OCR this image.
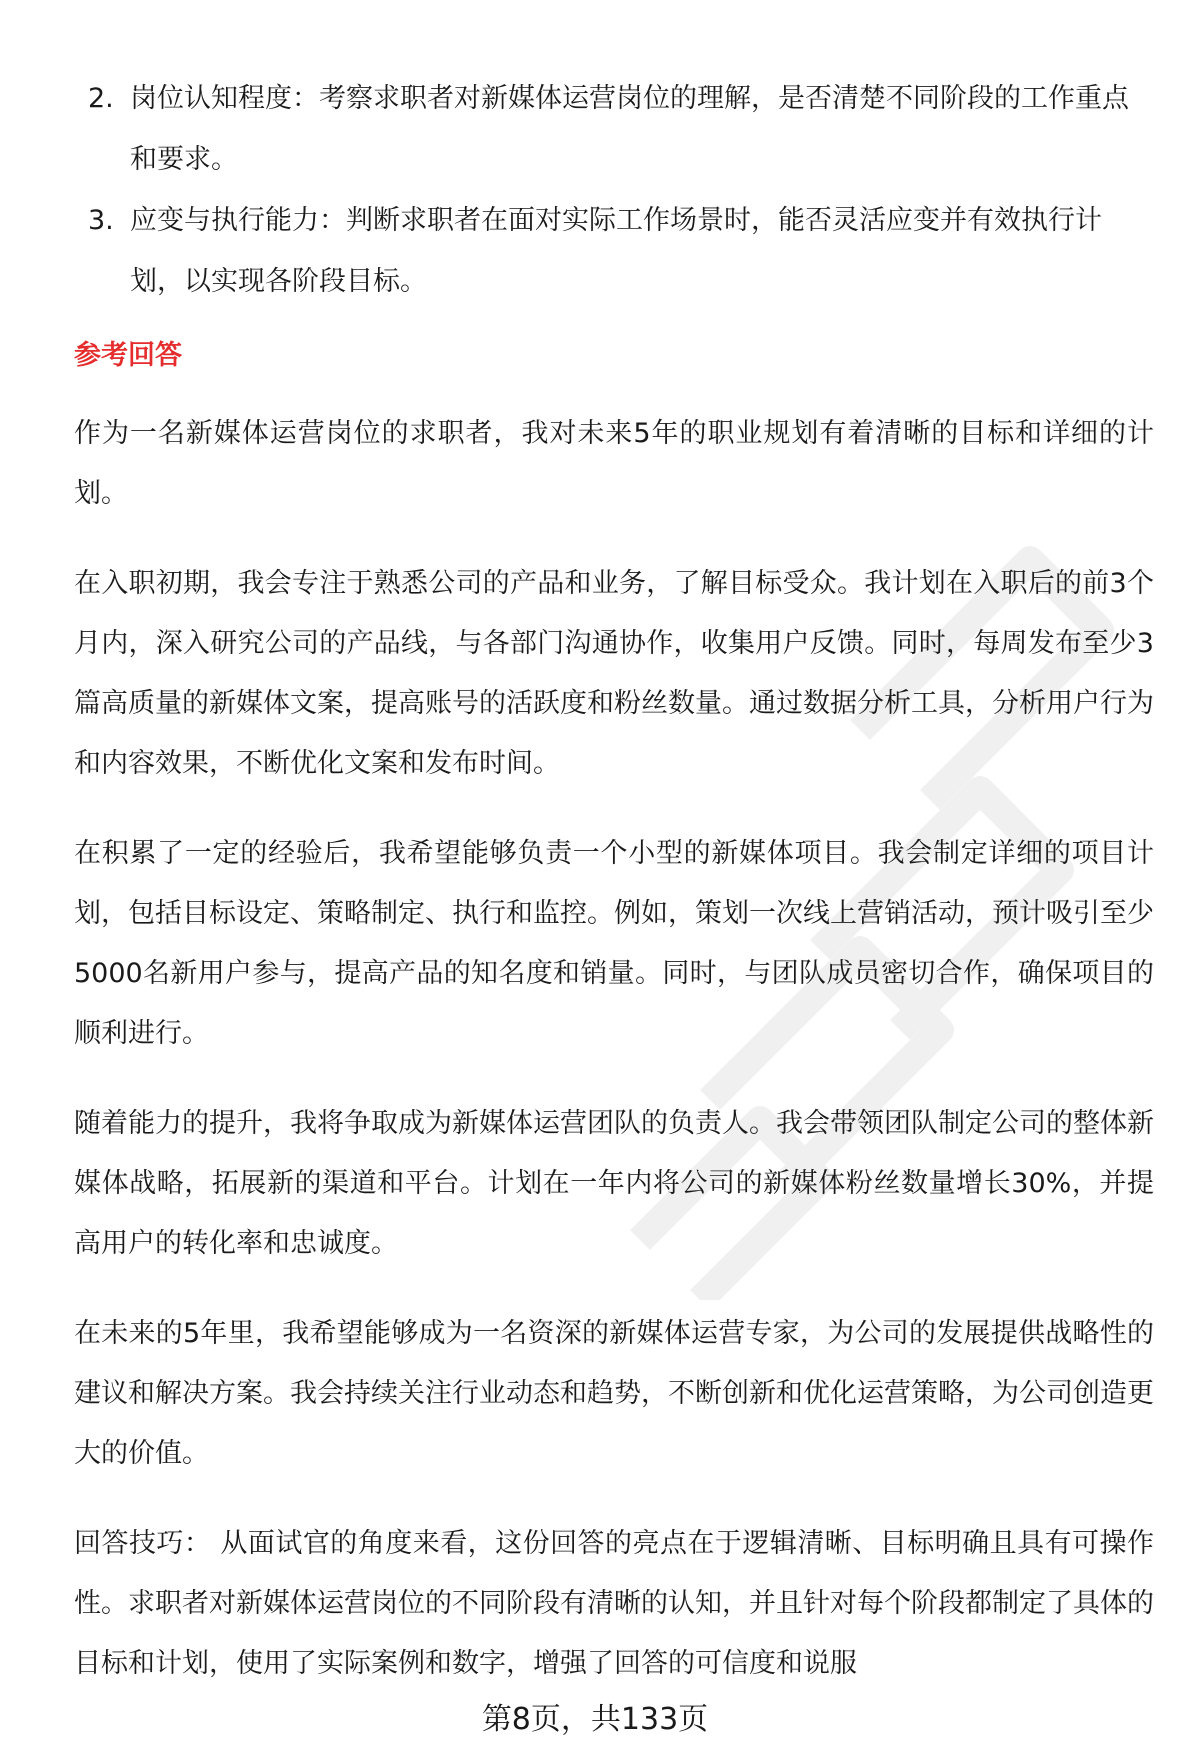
2. 岗位认知程度：考察求职者对新媒体运营岗位的理解，是否清楚不同阶段的工作重点和要求。
3. 应变与执行能力：判断求职者在面对实际工作场景时，能否灵活应变并有效执行计划，以实现各阶段目标。
参考回答

作为一名新媒体运营岗位的求职者，我对未来5年的职业规划有着清晰的目标和详细的计划。

在入职初期，我会专注于熟悉公司的产品和业务，了解目标受众。我计划在入职后的前3个月内，深入研究公司的产品线，与各部门沟通协作，收集用户反馈。同时，每周发布至少3篇高质量的新媒体文案，提高账号的活跃度和粉丝数量。通过数据分析工具，分析用户行为和内容效果，不断优化文案和发布时间。

在积累了一定的经验后，我希望能够负责一个小型的新媒体项目。我会制定详细的项目计划，包括目标设定、策略制定、执行和监控。例如，策划一次线上营销活动，预计吸引至少5000名新用户参与，提高产品的知名度和销量。同时，与团队成员密切合作，确保项目的顺利进行。

随着能力的提升，我将争取成为新媒体运营团队的负责人。我会带领团队制定公司的整体新媒体战略，拓展新的渠道和平台。计划在一年内将公司的新媒体粉丝数量增长30%，并提高用户的转化率和忠诚度。

在未来的5年里，我希望能够成为一名资深的新媒体运营专家，为公司的发展提供战略性的建议和解决方案。我会持续关注行业动态和趋势，不断创新和优化运营策略，为公司创造更大的价值。

回答技巧： 从面试官的角度来看，这份回答的亮点在于逻辑清晰、目标明确且具有可操作性。求职者对新媒体运营岗位的不同阶段有清晰的认知，并且针对每个阶段都制定了具体的目标和计划，使用了实际案例和数字，增强了回答的可信度和说服

第8页，共133页
